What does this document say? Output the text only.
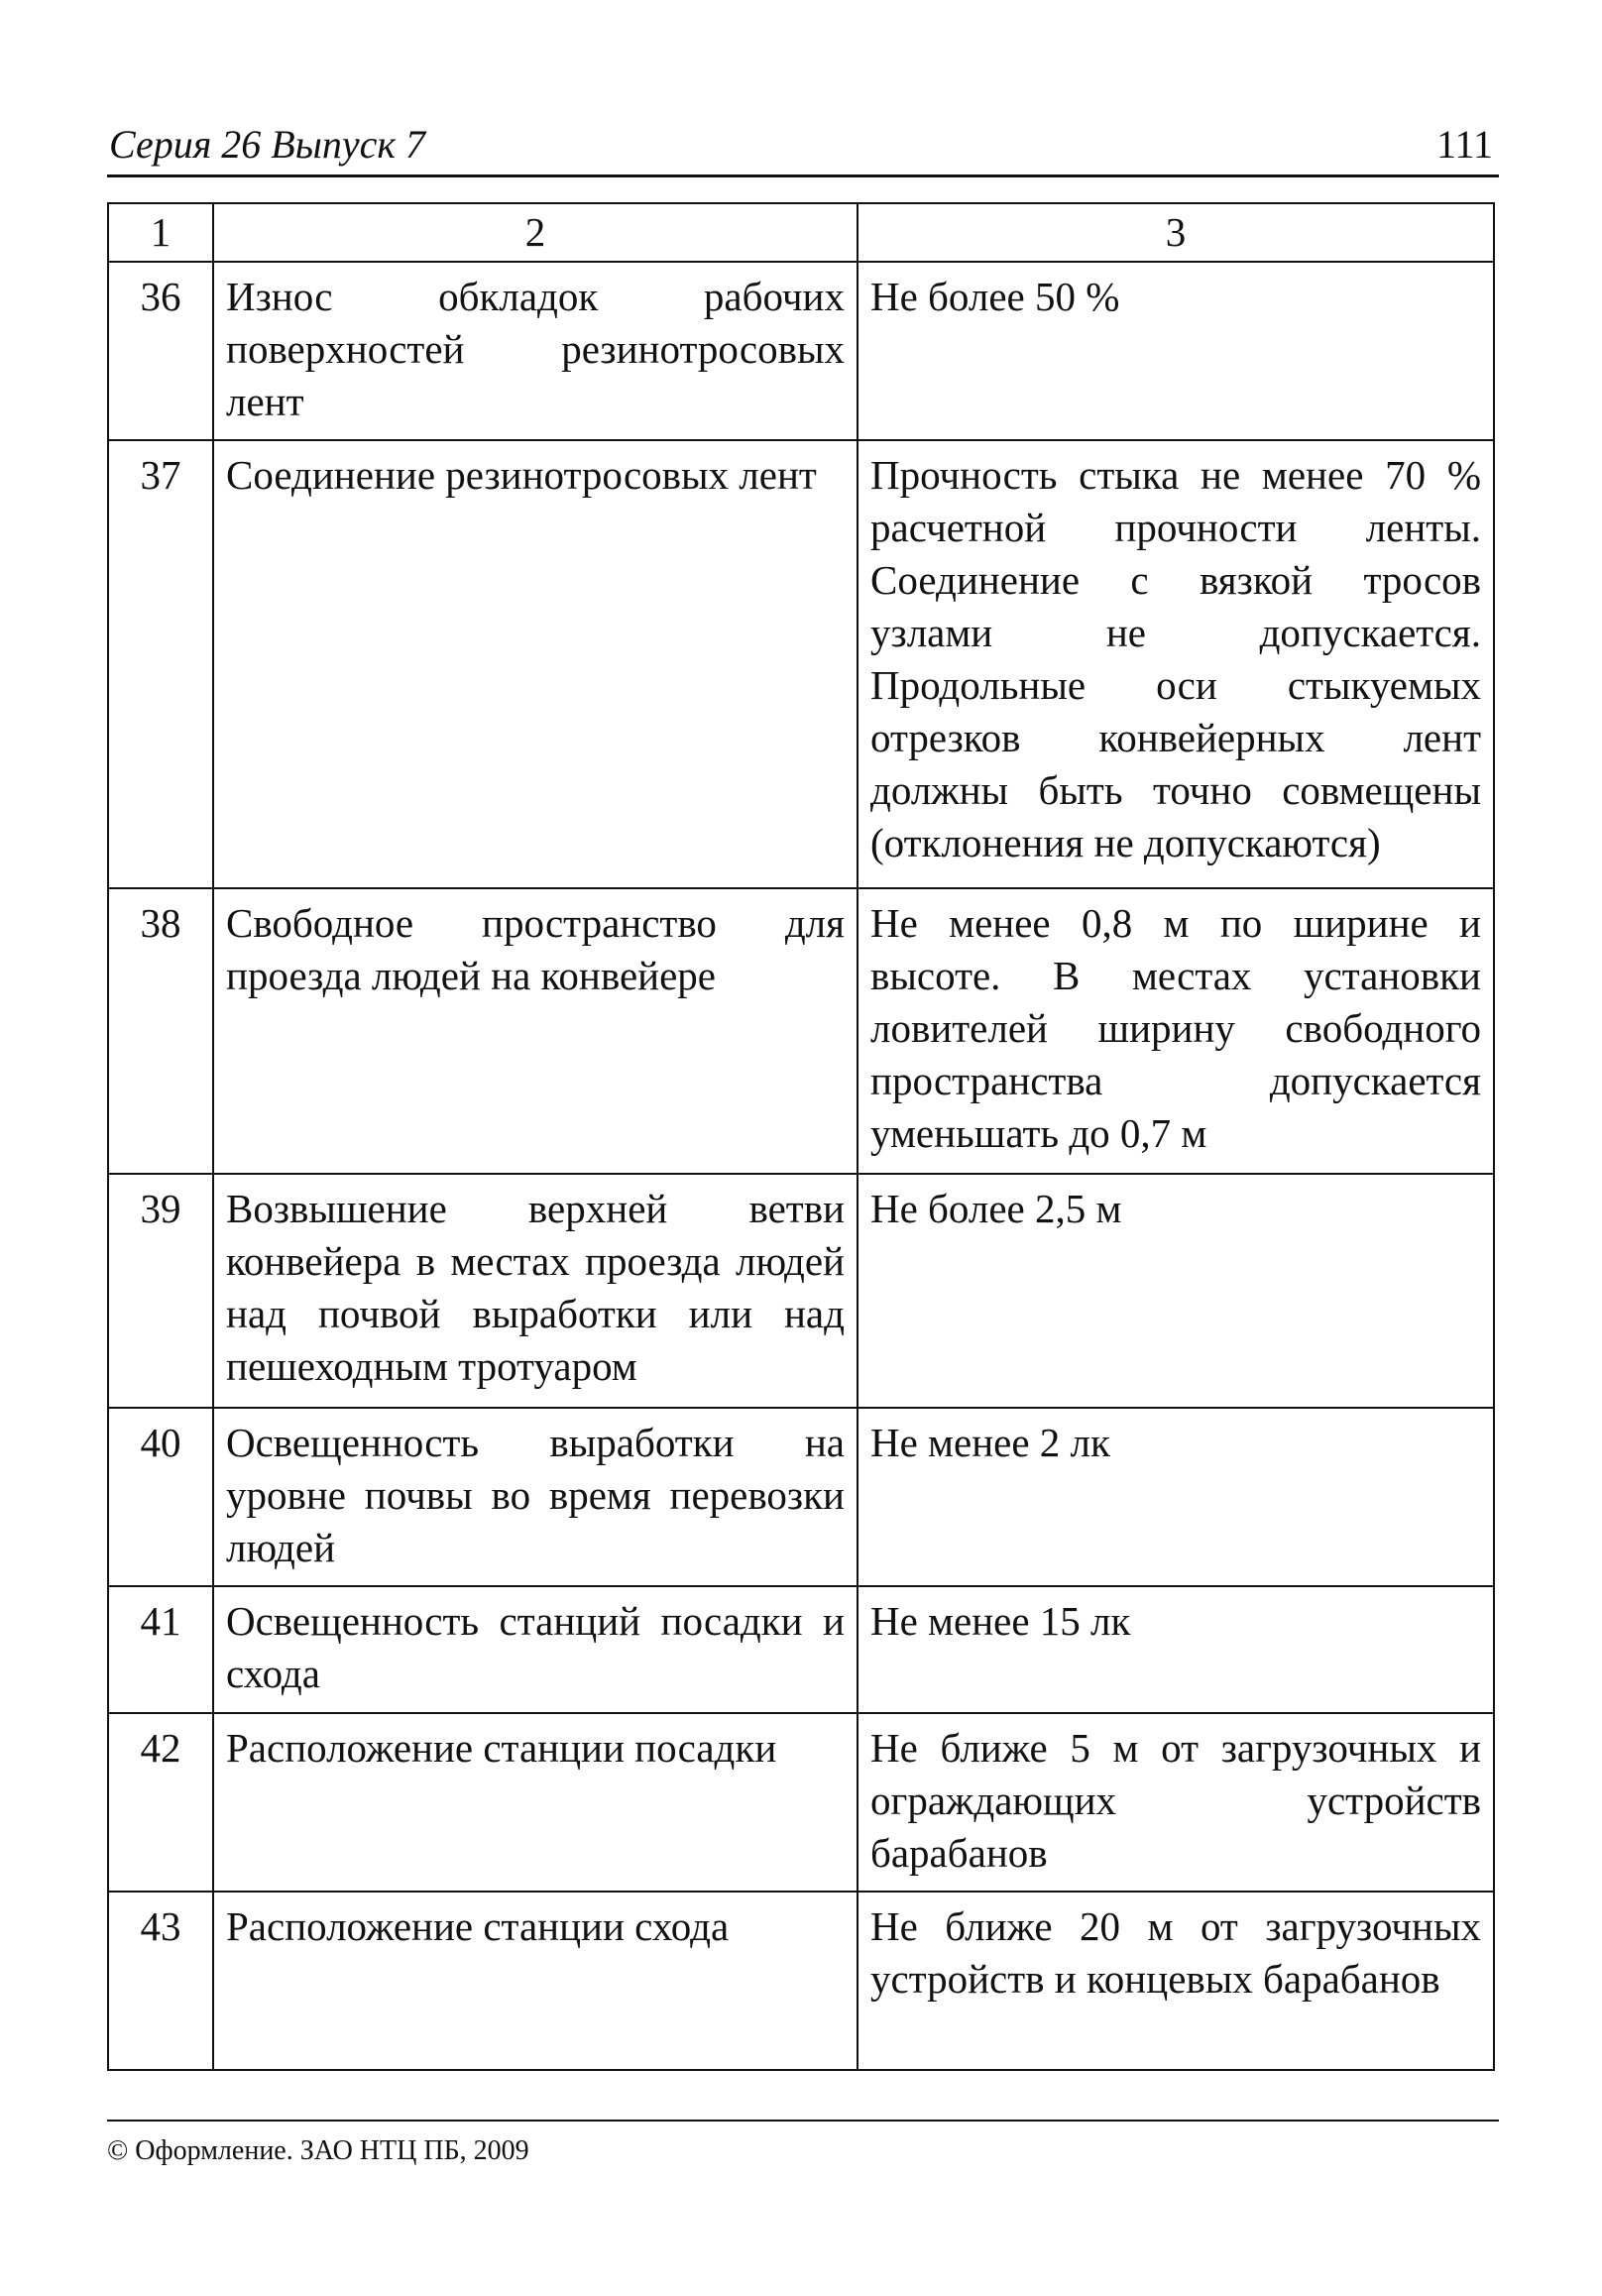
Серия 26 Выпуск 7	111
1	2	3
36	Износ обкладок рабочих поверхностей резинотросовых лент	Не более 50 %
37	Соединение резинотросовых лент	Прочность стыка не менее 70 % расчетной прочности ленты. Соединение с вязкой тросов узлами не допускается. Продольные оси стыкуемых отрезков конвейерных лент должны быть точно совмещены (отклонения не допускаются)
38	Свободное пространство для проезда людей на конвейере	Не менее 0,8 м по ширине и высоте. В местах установки ловителей ширину свободного пространства допускается уменьшать до 0,7 м
39	Возвышение верхней ветви конвейера в местах проезда людей над почвой выработки или над пешеходным тротуаром	Не более 2,5 м
40	Освещенность выработки на уровне почвы во время перевозки людей	Не менее 2 лк
41	Освещенность станций посадки и схода	Не менее 15 лк
42	Расположение станции посадки	Не ближе 5 м от загрузочных и ограждающих устройств барабанов
43	Расположение станции схода	Не ближе 20 м от загрузочных устройств и концевых барабанов
© Оформление. ЗАО НТЦ ПБ, 2009
